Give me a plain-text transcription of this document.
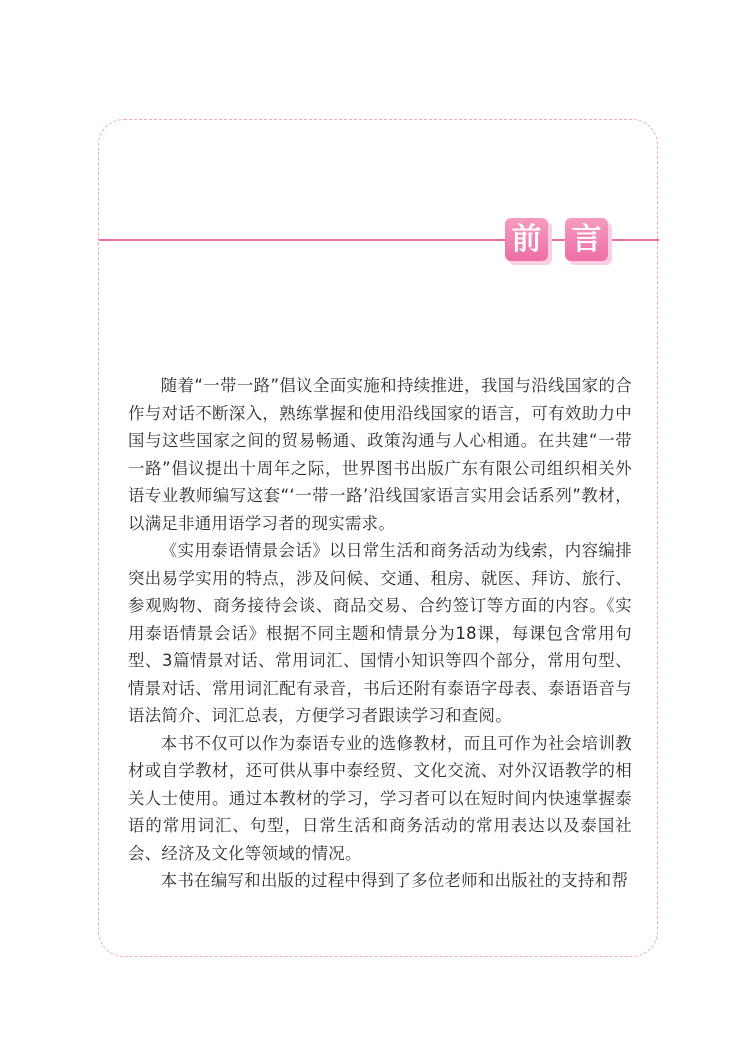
前 言

随着“一带一路”倡议全面实施和持续推进，我国与沿线国家的合作与对话不断深入，熟练掌握和使用沿线国家的语言，可有效助力中国与这些国家之间的贸易畅通、政策沟通与人心相通。在共建“一带一路”倡议提出十周年之际，世界图书出版广东有限公司组织相关外语专业教师编写这套“‘一带一路’沿线国家语言实用会话系列”教材，以满足非通用语学习者的现实需求。

《实用泰语情景会话》以日常生活和商务活动为线索，内容编排突出易学实用的特点，涉及问候、交通、租房、就医、拜访、旅行、参观购物、商务接待会谈、商品交易、合约签订等方面的内容。《实用泰语情景会话》根据不同主题和情景分为18课，每课包含常用句型、3篇情景对话、常用词汇、国情小知识等四个部分，常用句型、情景对话、常用词汇配有录音，书后还附有泰语字母表、泰语语音与语法简介、词汇总表，方便学习者跟读学习和查阅。

本书不仅可以作为泰语专业的选修教材，而且可作为社会培训教材或自学教材，还可供从事中泰经贸、文化交流、对外汉语教学的相关人士使用。通过本教材的学习，学习者可以在短时间内快速掌握泰语的常用词汇、句型，日常生活和商务活动的常用表达以及泰国社会、经济及文化等领域的情况。

本书在编写和出版的过程中得到了多位老师和出版社的支持和帮
